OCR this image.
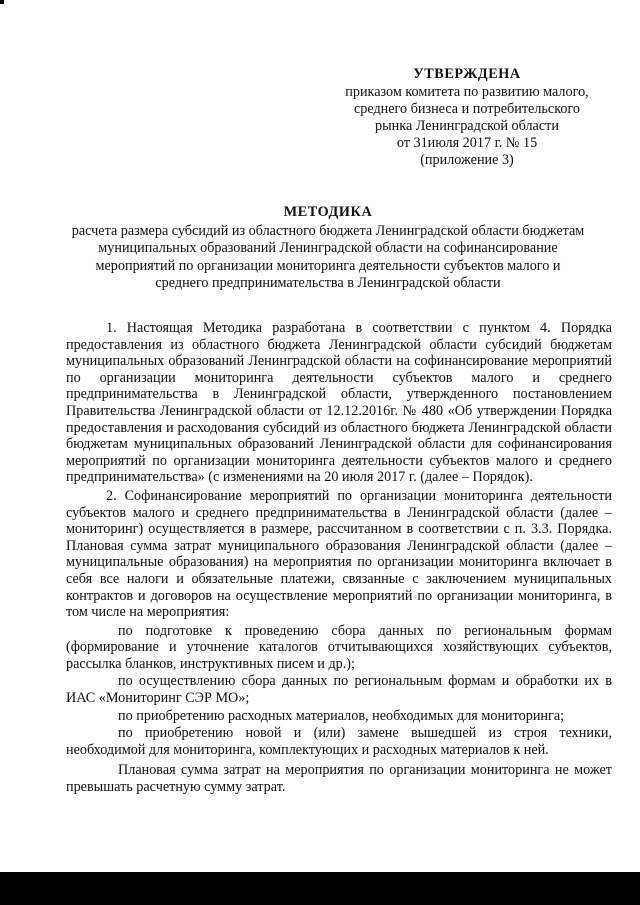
УТВЕРЖДЕНА
приказом комитета по развитию малого,
среднего бизнеса и потребительского
рынка Ленинградской области
от 31июля 2017 г. № 15
(приложение 3)
МЕТОДИКА
расчета размера субсидий из областного бюджета Ленинградской области бюджетам
муниципальных образований Ленинградской области на софинансирование
мероприятий по организации мониторинга деятельности субъектов малого и
среднего предпринимательства в Ленинградской области

1. Настоящая Методика разработана в соответствии с пунктом 4. Порядка предоставления из областного бюджета Ленинградской области субсидий бюджетам муниципальных образований Ленинградской области на софинансирование мероприятий по организации мониторинга деятельности субъектов малого и среднего предпринимательства в Ленинградской области, утвержденного постановлением Правительства Ленинградской области от 12.12.2016г. № 480 «Об утверждении Порядка предоставления и расходования субсидий из областного бюджета Ленинградской области бюджетам муниципальных образований Ленинградской области для софинансирования мероприятий по организации мониторинга деятельности субъектов малого и среднего предпринимательства» (с изменениями на 20 июля 2017 г. (далее – Порядок).

2. Софинансирование мероприятий по организации мониторинга деятельности субъектов малого и среднего предпринимательства в Ленинградской области (далее – мониторинг) осуществляется в размере, рассчитанном в соответствии с п. 3.3. Порядка. Плановая сумма затрат муниципального образования Ленинградской области (далее – муниципальные образования) на мероприятия по организации мониторинга включает в себя все налоги и обязательные платежи, связанные с заключением муниципальных контрактов и договоров на осуществление мероприятий по организации мониторинга, в том числе на мероприятия:

по подготовке к проведению сбора данных по региональным формам (формирование и уточнение каталогов отчитывающихся хозяйствующих субъектов, рассылка бланков, инструктивных писем и др.);

по осуществлению сбора данных по региональным формам и обработки их в ИАС «Мониторинг СЭР МО»;

по приобретению расходных материалов, необходимых для мониторинга;

по приобретению новой и (или) замене вышедшей из строя техники, необходимой для мониторинга, комплектующих и расходных материалов к ней.

Плановая сумма затрат на мероприятия по организации мониторинга не может превышать расчетную сумму затрат.
